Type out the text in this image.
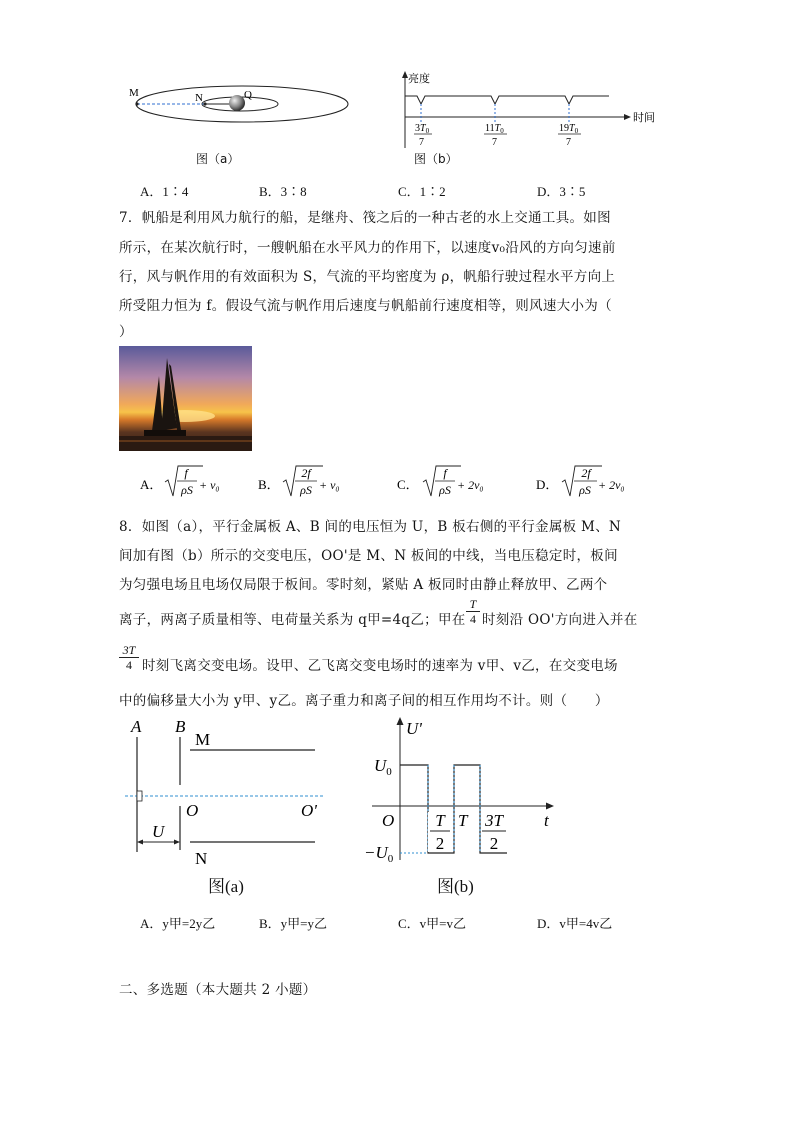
M	N	Q
图（a）
亮度
时间
$3T_0$
7
$11T_0$
7
$19T_0$
7
图（b）
A．1∶4	B．3∶8	C．1∶2	D．3∶5
7．帆船是利用风力航行的船，是继舟、筏之后的一种古老的水上交通工具。如图
所示，在某次航行时，一艘帆船在水平风力的作用下，以速度v₀沿风的方向匀速前
行，风与帆作用的有效面积为 S，气流的平均密度为 ρ，帆船行驶过程水平方向上
所受阻力恒为 f。假设气流与帆作用后速度与帆船前行速度相等，则风速大小为（
）
A．
f
ρS + v₀	B．
2f
ρS + v₀	C．
f
ρS + 2v₀	D．
2f
ρS + 2v₀
8．如图（a），平行金属板 A、B 间的电压恒为 U，B 板右侧的平行金属板 M、N
间加有图（b）所示的交变电压，OO'是 M、N 板间的中线，当电压稳定时，板间
为匀强电场且电场仅局限于板间。零时刻，紧贴 A 板同时由静止释放甲、乙两个
离子，两离子质量相等、电荷量关系为 q甲=4q乙；甲在
T
4 时刻沿 OO'方向进入并在
3T
4 时刻飞离交变电场。设甲、乙飞离交变电场时的速率为 v甲、v乙，在交变电场
中的偏移量大小为 y甲、y乙。离子重力和离子间的相互作用均不计。则（　　）
A B
M
N
O	O'
U
图(a)
U'
$U_0$
$-U_0$
O	t
T
T
2
3T
2
图(b)
A．y甲=2y乙	B．y甲=y乙	C．v甲=v乙	D．v甲=4v乙
二、多选题（本大题共 2 小题）
